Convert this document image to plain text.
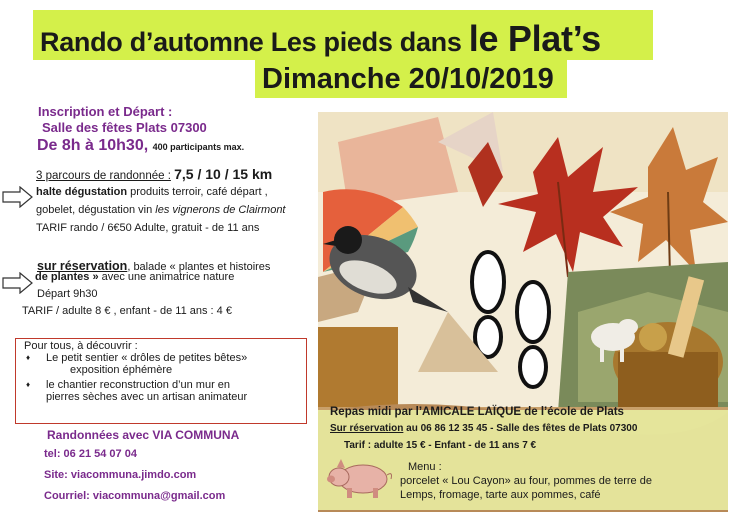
Rando d’automne Les pieds dans le Plat’s
Dimanche 20/10/2019
Inscription et Départ :
Salle des fêtes Plats 07300
De 8h à 10h30, 400 participants max.
3 parcours de randonnée : 7,5 / 10 / 15 km
halte dégustation produits terroir, café départ ,
gobelet, dégustation vin les vignerons de Clairmont
TARIF rando / 6€50 Adulte, gratuit - de 11 ans
sur réservation, balade « plantes et histoires
de plantes » avec une animatrice nature
Départ 9h30
TARIF / adulte 8 € , enfant - de 11 ans : 4 €
Pour tous, à découvrir :
♦ Le petit sentier « drôles de petites bêtes»
exposition éphémère
♦ le chantier reconstruction d’un mur en
pierres sèches avec un artisan animateur
Randonnées avec VIA COMMUNA
tel: 06 21 54 07 04
Site: viacommuna.jimdo.com
Courriel: viacommuna@gmail.com
Repas midi par l’AMICALE LAÏQUE de l’école de Plats
Sur réservation au 06 86 12 35 45 - Salle des fêtes de Plats 07300
Tarif : adulte 15 € - Enfant - de 11 ans 7 €
Menu :
porcelet « Lou Cayon» au four, pommes de terre de
Lemps, fromage, tarte aux pommes, café
